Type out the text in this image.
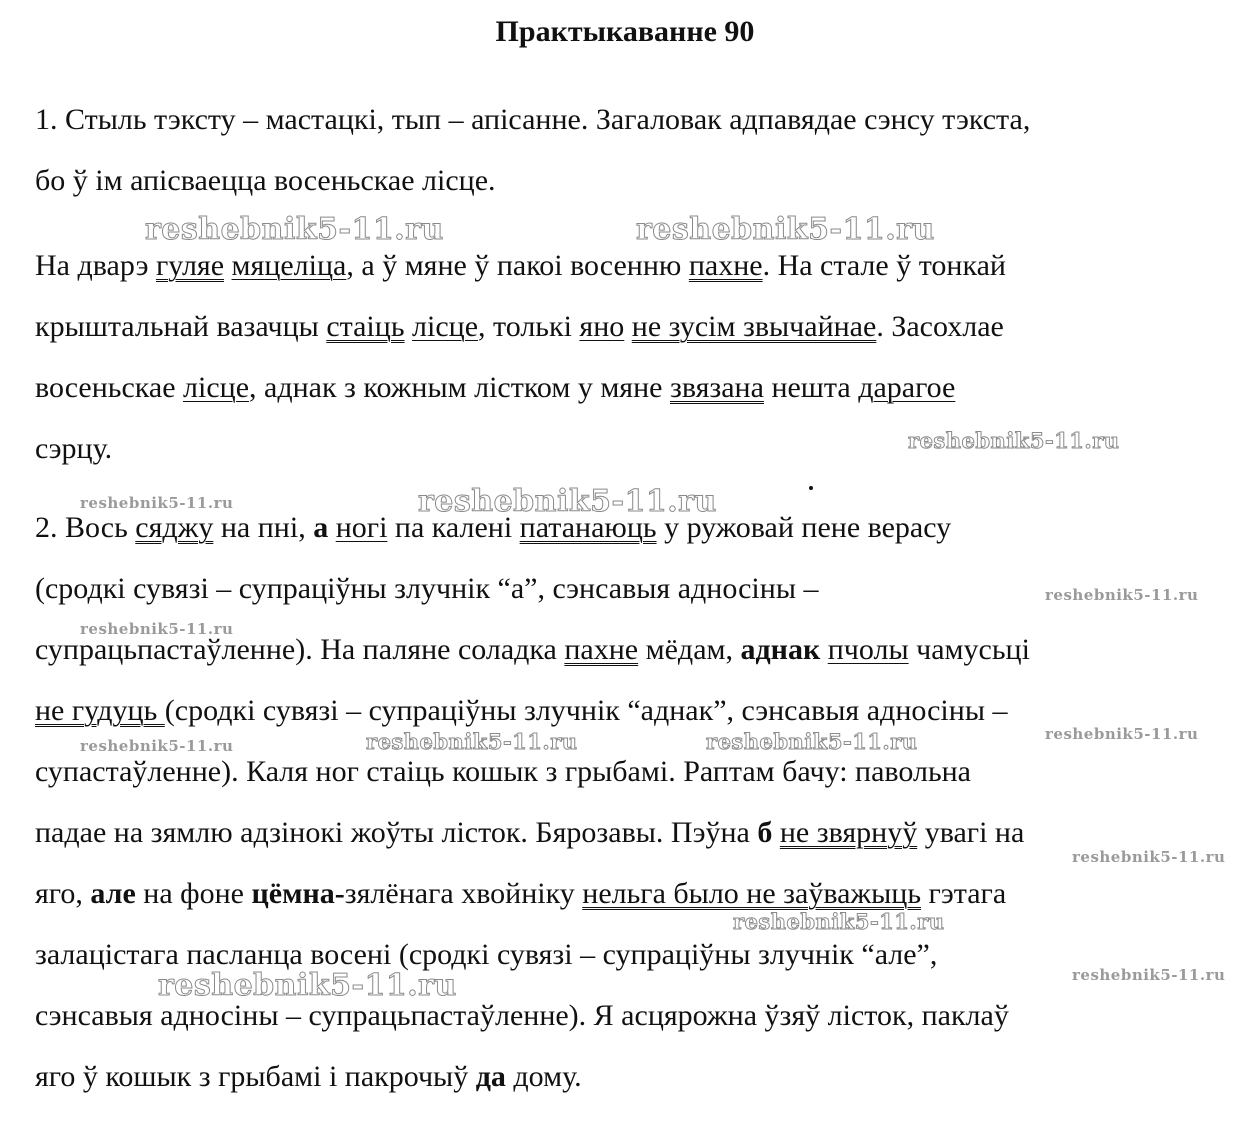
Практыкаванне 90
1. Стыль тэксту – мастацкі, тып – апісанне. Загаловак адпавядае сэнсу тэкста,
бо ў ім апісваецца восеньскае лісце.
На дварэ гуляе мяцеліца, а ў мяне ў пакоі восенню пахне. На стале ў тонкай
крыштальнай вазачцы стаіць лісце, толькі яно не зусім звычайнае. Засохлае
восеньскае лісце, аднак з кожным лістком у мяне звязана нешта дарагое
сэрцу.
2. Вось сяджу на пні, а ногі па калені патанаюць у ружовай пене верасу
(сродкі сувязі – супраціўны злучнік “а”, сэнсавыя адносіны –
супрацьпастаўленне). На паляне соладка пахне мёдам, аднак пчолы чамусьці
не гудуць (сродкі сувязі – супраціўны злучнік “аднак”, сэнсавыя адносіны –
супастаўленне). Каля ног стаіць кошык з грыбамі. Раптам бачу: павольна
падае на зямлю адзінокі жоўты лісток. Бярозавы. Пэўна б не звярнуў увагі на
яго, але на фоне цёмна-зялёнага хвойніку нельга было не заўважыць гэтага
залацістага пасланца восені (сродкі сувязі – супраціўны злучнік “але”,
сэнсавыя адносіны – супрацьпастаўленне). Я асцярожна ўзяў лісток, паклаў
яго ў кошык з грыбамі і пакрочыў да дому.
reshebnik5-11.ru	reshebnik5-11.ru
reshebnik5-11.ru
reshebnik5-11.ru
reshebnik5-11.ru
reshebnik5-11.ru
reshebnik5-11.ru
reshebnik5-11.ru
reshebnik5-11.ru	reshebnik5-11.ru	reshebnik5-11.ru
reshebnik5-11.ru
reshebnik5-11.ru
reshebnik5-11.ru
reshebnik5-11.ru
